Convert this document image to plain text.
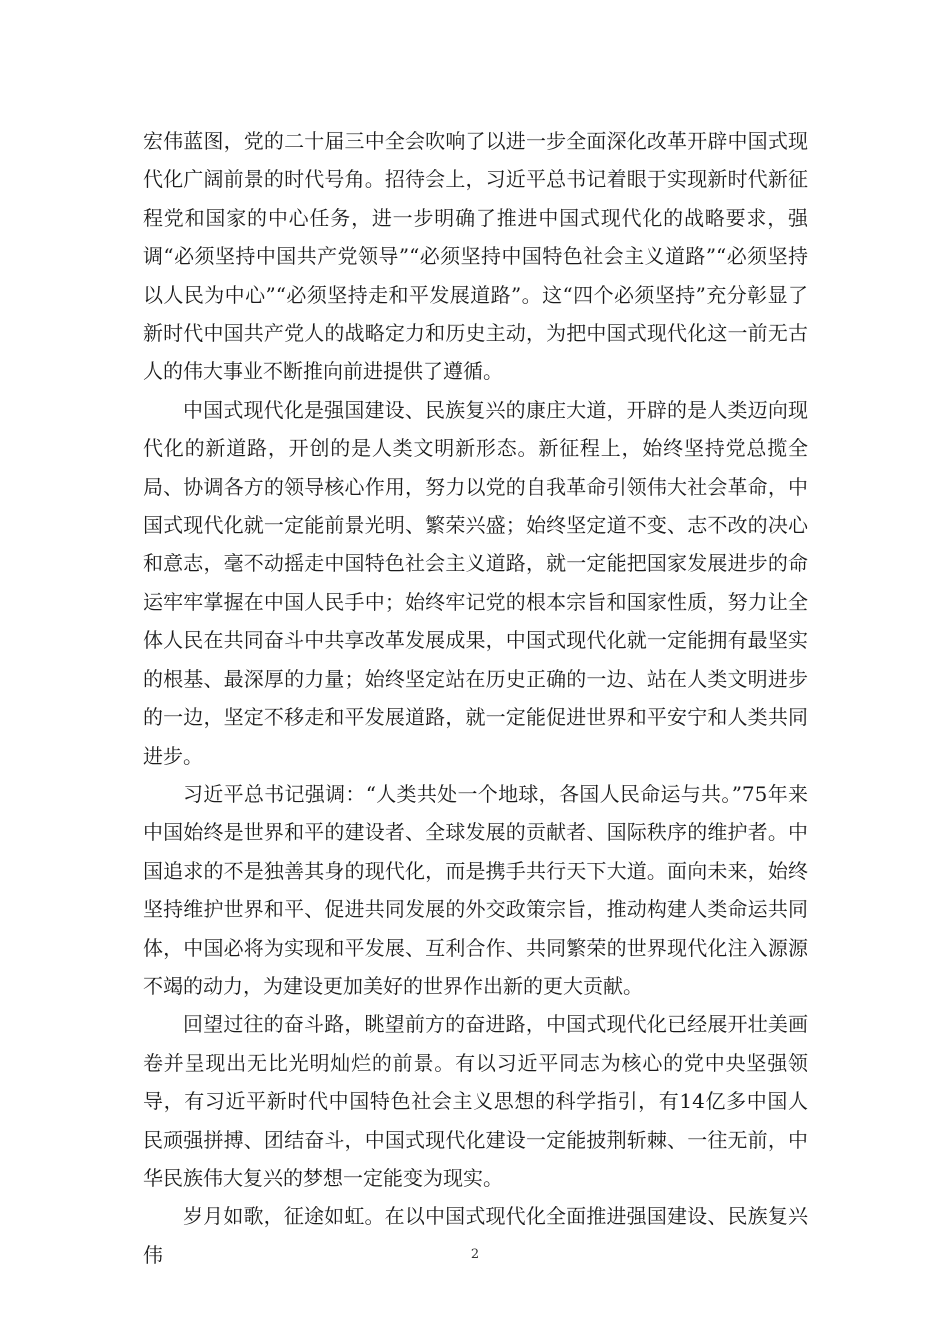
宏伟蓝图，党的二十届三中全会吹响了以进一步全面深化改革开辟中国式现代化广阔前景的时代号角。招待会上，习近平总书记着眼于实现新时代新征程党和国家的中心任务，进一步明确了推进中国式现代化的战略要求，强调“必须坚持中国共产党领导”“必须坚持中国特色社会主义道路”“必须坚持以人民为中心”“必须坚持走和平发展道路”。这“四个必须坚持”充分彰显了新时代中国共产党人的战略定力和历史主动，为把中国式现代化这一前无古人的伟大事业不断推向前进提供了遵循。

中国式现代化是强国建设、民族复兴的康庄大道，开辟的是人类迈向现代化的新道路，开创的是人类文明新形态。新征程上，始终坚持党总揽全局、协调各方的领导核心作用，努力以党的自我革命引领伟大社会革命，中国式现代化就一定能前景光明、繁荣兴盛；始终坚定道不变、志不改的决心和意志，毫不动摇走中国特色社会主义道路，就一定能把国家发展进步的命运牢牢掌握在中国人民手中；始终牢记党的根本宗旨和国家性质，努力让全体人民在共同奋斗中共享改革发展成果，中国式现代化就一定能拥有最坚实的根基、最深厚的力量；始终坚定站在历史正确的一边、站在人类文明进步的一边，坚定不移走和平发展道路，就一定能促进世界和平安宁和人类共同进步。

习近平总书记强调：“人类共处一个地球，各国人民命运与共。”75年来中国始终是世界和平的建设者、全球发展的贡献者、国际秩序的维护者。中国追求的不是独善其身的现代化，而是携手共行天下大道。面向未来，始终坚持维护世界和平、促进共同发展的外交政策宗旨，推动构建人类命运共同体，中国必将为实现和平发展、互利合作、共同繁荣的世界现代化注入源源不竭的动力，为建设更加美好的世界作出新的更大贡献。

回望过往的奋斗路，眺望前方的奋进路，中国式现代化已经展开壮美画卷并呈现出无比光明灿烂的前景。有以习近平同志为核心的党中央坚强领导，有习近平新时代中国特色社会主义思想的科学指引，有14亿多中国人民顽强拼搏、团结奋斗，中国式现代化建设一定能披荆斩棘、一往无前，中华民族伟大复兴的梦想一定能变为现实。

岁月如歌，征途如虹。在以中国式现代化全面推进强国建设、民族复兴伟	2
